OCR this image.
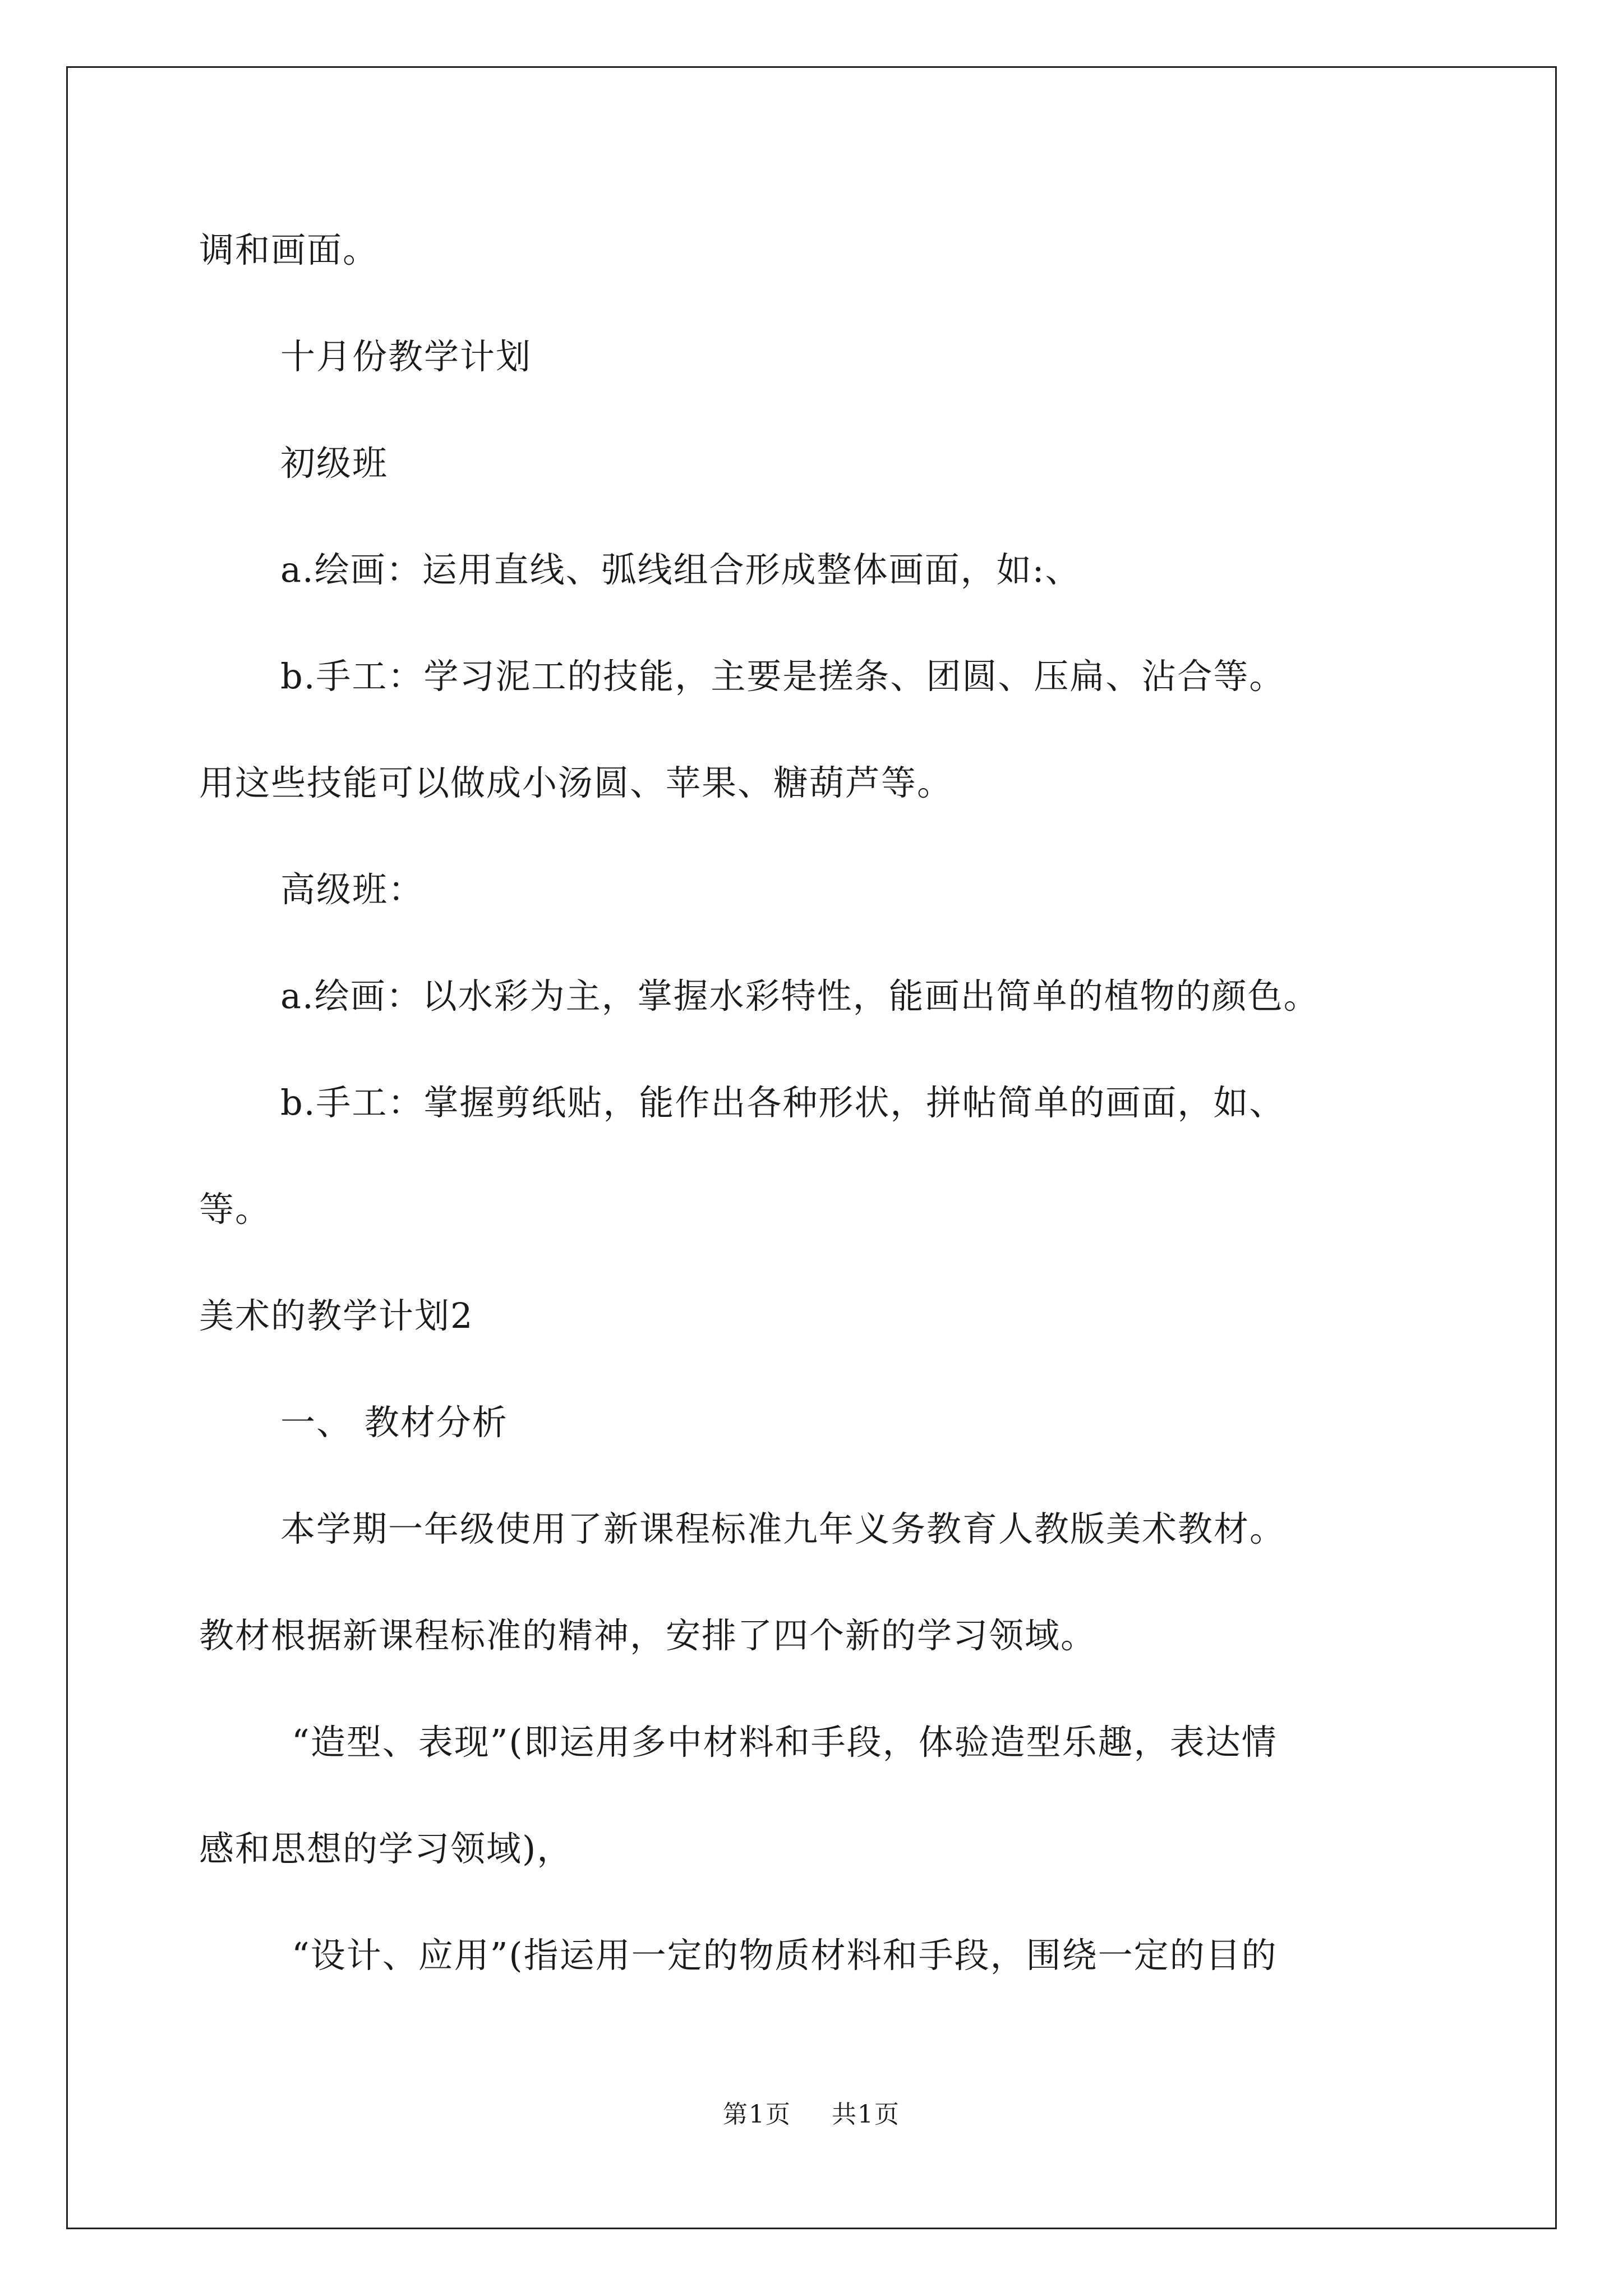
调和画面。
十月份教学计划
初级班
a.绘画：运用直线、弧线组合形成整体画面，如:、
b.手工：学习泥工的技能，主要是搓条、团圆、压扁、沾合等。
用这些技能可以做成小汤圆、苹果、糖葫芦等。
高级班：
a.绘画：以水彩为主，掌握水彩特性，能画出简单的植物的颜色。
b.手工：掌握剪纸贴，能作出各种形状，拼帖简单的画面，如、
等。
美术的教学计划2
一、 教材分析
本学期一年级使用了新课程标准九年义务教育人教版美术教材。
教材根据新课程标准的精神，安排了四个新的学习领域。
“造型、表现”(即运用多中材料和手段，体验造型乐趣，表达情
感和思想的学习领域)，
“设计、应用”(指运用一定的物质材料和手段，围绕一定的目的
第1页 共1页
